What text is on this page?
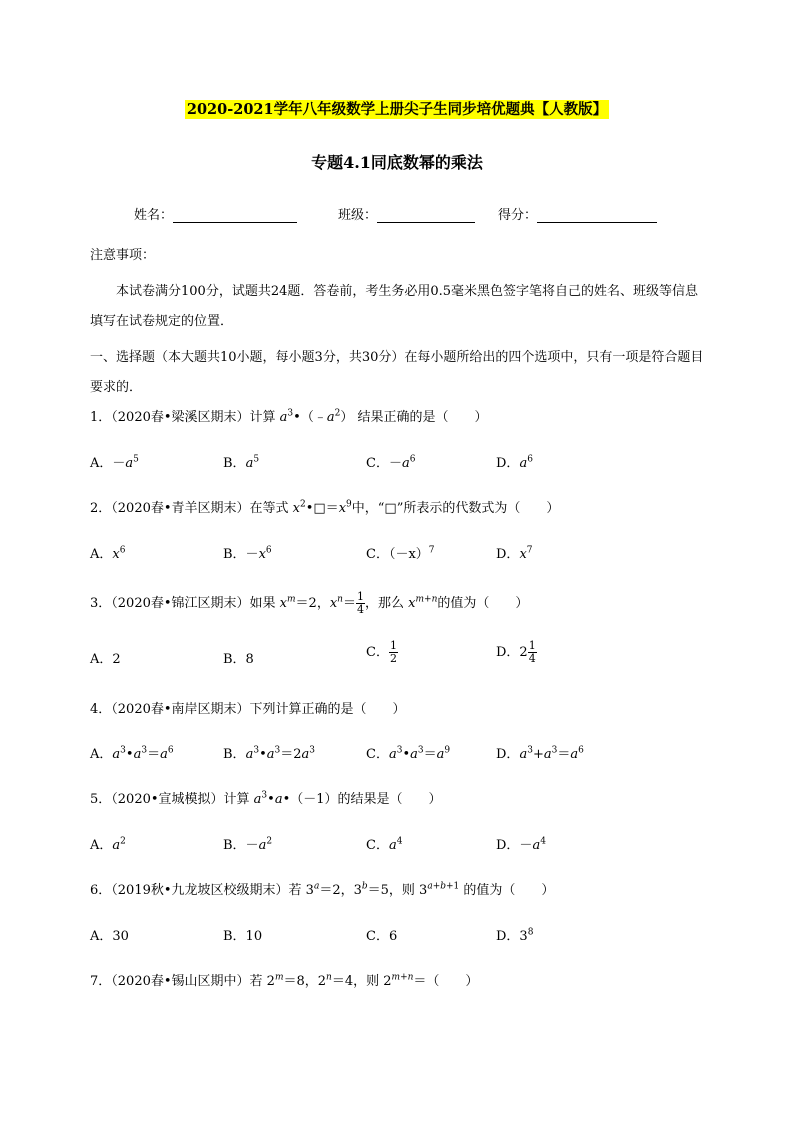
2020-2021学年八年级数学上册尖子生同步培优题典【人教版】
专题4.1同底数幂的乘法
姓名：	班级：	得分：
注意事项：
本试卷满分100分，试题共24题．答卷前，考生务必用0.5毫米黑色签字笔将自己的姓名、班级等信息填写在试卷规定的位置．
一、选择题（本大题共10小题，每小题3分，共30分）在每小题所给出的四个选项中，只有一项是符合题目要求的．
1．（2020春•梁溪区期末）计算 $a^3•(﹣a^2)$ 结果正确的是（　　）
A．$-a^5$	B．$a^5$	C．$-a^6$	D．$a^6$
2．（2020春•青羊区期末）在等式 $x^2•□=x^9$中，“□”所表示的代数式为（　　）
A．$x^6$	B．$-x^6$	C．$(-x)^7$	D．$x^7$
3．（2020春•锦江区期末）如果 $x^m=2$，$x^n= \frac{1}{4}$ ，那么 $x^{m+n}$的值为（　　）
A．2	B．8	C． $\frac{1}{2}$	D．$2 \frac{1}{4}$
4．（2020春•南岸区期末）下列计算正确的是（　　）
A．$a^3•a^3=a^6$	B．$a^3•a^3=2a^3$	C．$a^3•a^3=a^9$	D．$a^3+a^3=a^6$
5．（2020•宣城模拟）计算 $a^3•a•(-1)$的结果是（　　）
A．$a^2$	B．$-a^2$	C．$a^4$	D．$-a^4$
6．（2019秋•九龙坡区校级期末）若 $3^a=2$，$3^b=5$，则 $3^{a+b+1}$ 的值为（　　）
A．30	B．10	C．6	D．$3^8$
7．（2020春•锡山区期中）若 $2^m=8$，$2^n=4$，则 $2^{m+n}=$（　　）
